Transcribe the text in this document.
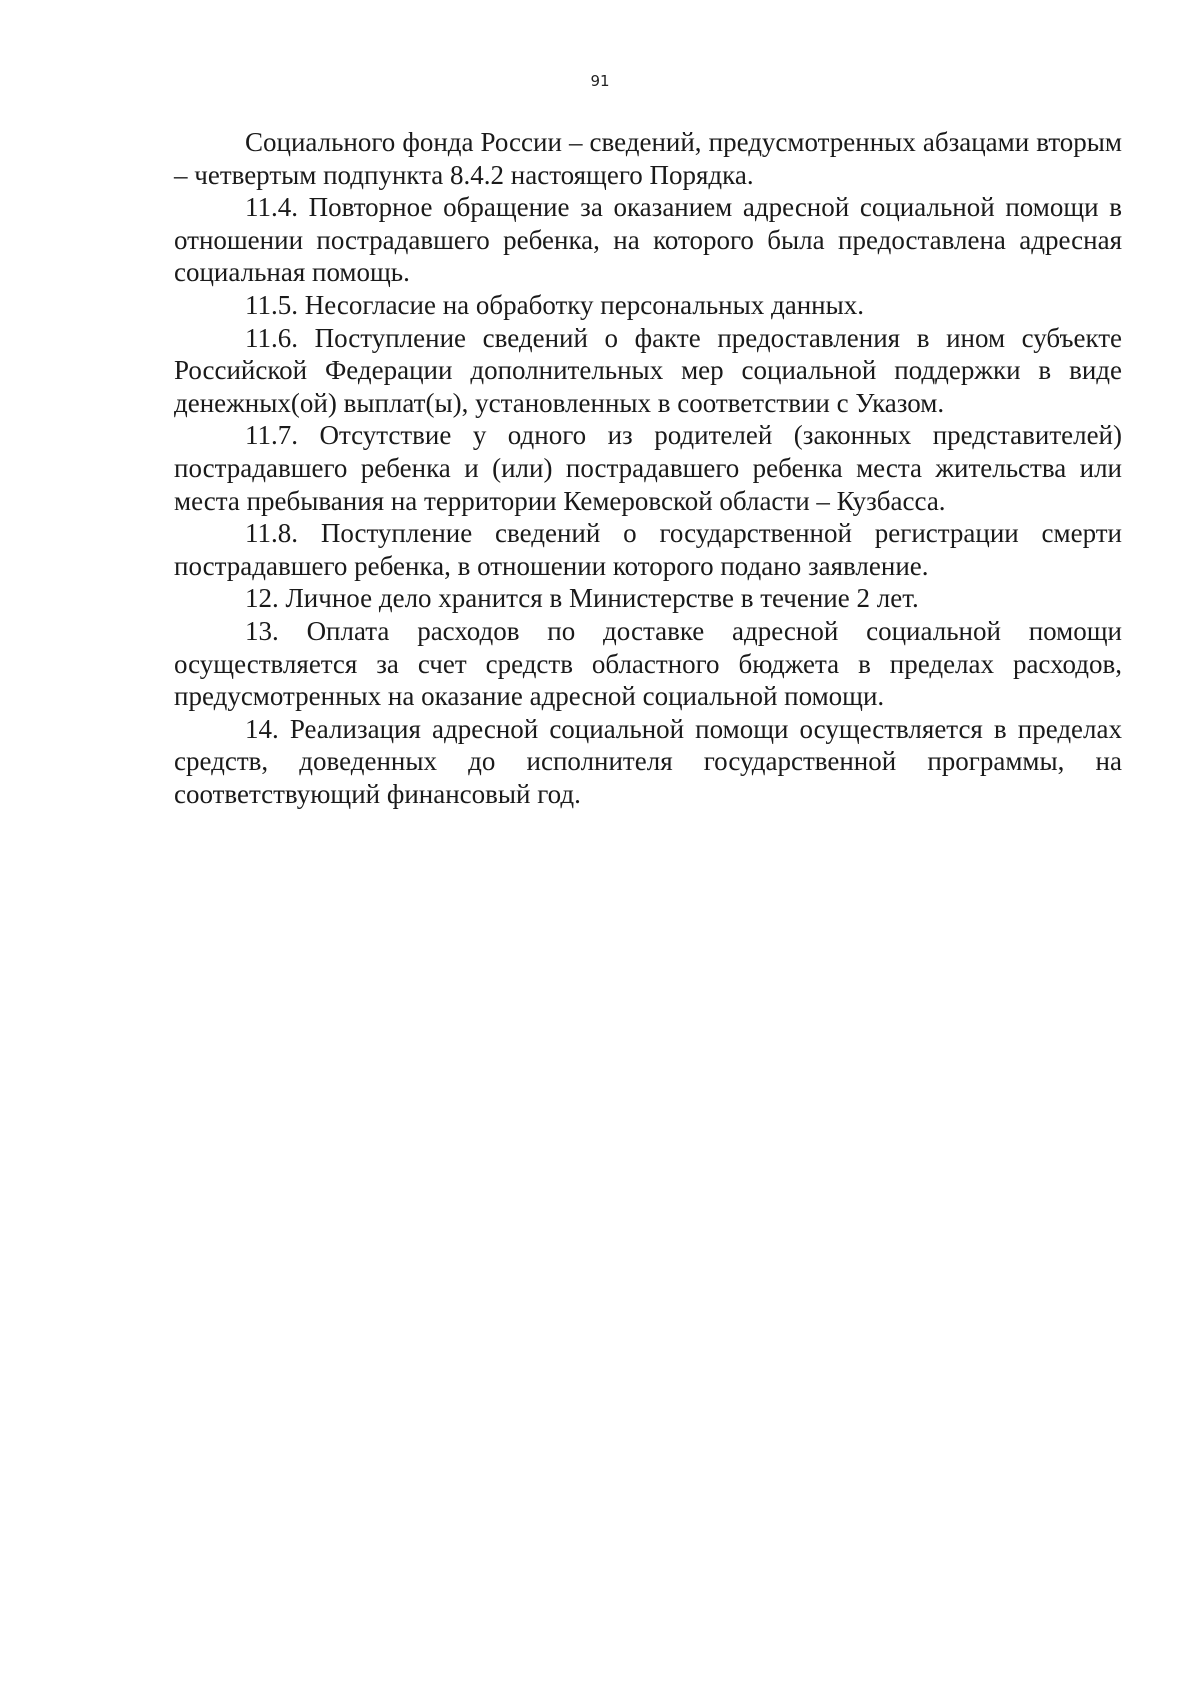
91

Социального фонда России – сведений, предусмотренных абзацами вторым – четвертым подпункта 8.4.2 настоящего Порядка.

11.4. Повторное обращение за оказанием адресной социальной помощи в отношении пострадавшего ребенка, на которого была предоставлена адресная социальная помощь.

11.5. Несогласие на обработку персональных данных.

11.6. Поступление сведений о факте предоставления в ином субъекте Российской Федерации дополнительных мер социальной поддержки в виде денежных(ой) выплат(ы), установленных в соответствии с Указом.

11.7. Отсутствие у одного из родителей (законных представителей) пострадавшего ребенка и (или) пострадавшего ребенка места жительства или места пребывания на территории Кемеровской области – Кузбасса.

11.8. Поступление сведений о государственной регистрации смерти пострадавшего ребенка, в отношении которого подано заявление.

12. Личное дело хранится в Министерстве в течение 2 лет.

13. Оплата расходов по доставке адресной социальной помощи осуществляется за счет средств областного бюджета в пределах расходов, предусмотренных на оказание адресной социальной помощи.

14. Реализация адресной социальной помощи осуществляется в пределах средств, доведенных до исполнителя государственной программы, на соответствующий финансовый год.
